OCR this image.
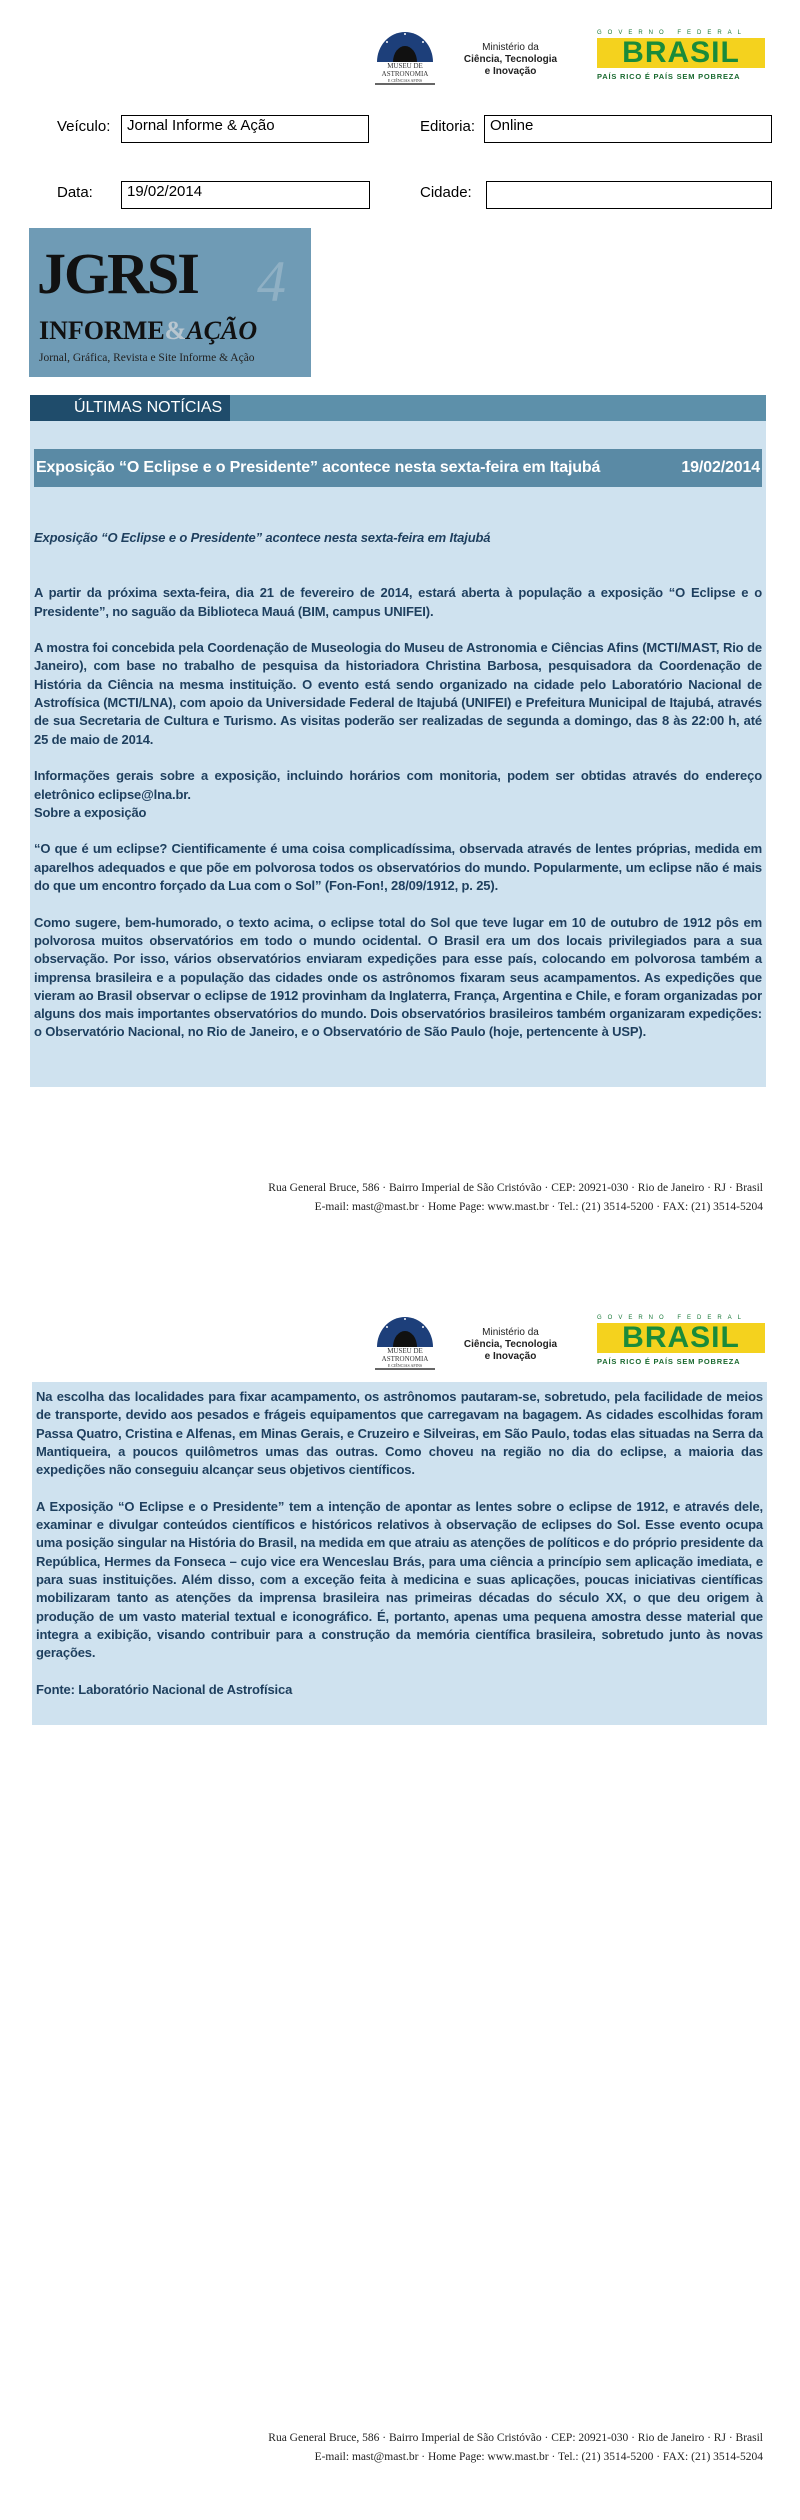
MUSEU DE
ASTRONOMIA
E CIÊNCIAS AFINS
Ministério da
Ciência, Tecnologia
e Inovação
GOVERNO FEDERAL
BRASIL
PAÍS RICO É PAÍS SEM POBREZA
Veículo:	Jornal Informe & Ação	Editoria: Online
Data:	19/02/2014	Cidade:
JGRSI 4
INFORME&AÇÃO
Jornal, Gráfica, Revista e Site Informe & Ação
ÚLTIMAS NOTÍCIAS
Exposição “O Eclipse e o Presidente” acontece nesta sexta-feira em Itajubá	19/02/2014
Exposição “O Eclipse e o Presidente” acontece nesta sexta-feira em Itajubá

A partir da próxima sexta-feira, dia 21 de fevereiro de 2014, estará aberta à população a exposição “O Eclipse e o Presidente”, no saguão da Biblioteca Mauá (BIM, campus UNIFEI).

A mostra foi concebida pela Coordenação de Museologia do Museu de Astronomia e Ciências Afins (MCTI/MAST, Rio de Janeiro), com base no trabalho de pesquisa da historiadora Christina Barbosa, pesquisadora da Coordenação de História da Ciência na mesma instituição. O evento está sendo organizado na cidade pelo Laboratório Nacional de Astrofísica (MCTI/LNA), com apoio da Universidade Federal de Itajubá (UNIFEI) e Prefeitura Municipal de Itajubá, através de sua Secretaria de Cultura e Turismo. As visitas poderão ser realizadas de segunda a domingo, das 8 às 22:00 h, até 25 de maio de 2014.

Informações gerais sobre a exposição, incluindo horários com monitoria, podem ser obtidas através do endereço eletrônico eclipse@lna.br.

Sobre a exposição

“O que é um eclipse? Cientificamente é uma coisa complicadíssima, observada através de lentes próprias, medida em aparelhos adequados e que põe em polvorosa todos os observatórios do mundo. Popularmente, um eclipse não é mais do que um encontro forçado da Lua com o Sol” (Fon-Fon!, 28/09/1912, p. 25).

Como sugere, bem-humorado, o texto acima, o eclipse total do Sol que teve lugar em 10 de outubro de 1912 pôs em polvorosa muitos observatórios em todo o mundo ocidental. O Brasil era um dos locais privilegiados para a sua observação. Por isso, vários observatórios enviaram expedições para esse país, colocando em polvorosa também a imprensa brasileira e a população das cidades onde os astrônomos fixaram seus acampamentos. As expedições que vieram ao Brasil observar o eclipse de 1912 provinham da Inglaterra, França, Argentina e Chile, e foram organizadas por alguns dos mais importantes observatórios do mundo. Dois observatórios brasileiros também organizaram expedições: o Observatório Nacional, no Rio de Janeiro, e o Observatório de São Paulo (hoje, pertencente à USP).

Rua General Bruce, 586 · Bairro Imperial de São Cristóvão · CEP: 20921-030 · Rio de Janeiro · RJ · Brasil
E-mail: mast@mast.br · Home Page: www.mast.br · Tel.: (21) 3514-5200 · FAX: (21) 3514-5204
MUSEU DE
ASTRONOMIA
E CIÊNCIAS AFINS
Ministério da
Ciência, Tecnologia
e Inovação
GOVERNO FEDERAL
BRASIL
PAÍS RICO É PAÍS SEM POBREZA

Na escolha das localidades para fixar acampamento, os astrônomos pautaram-se, sobretudo, pela facilidade de meios de transporte, devido aos pesados e frágeis equipamentos que carregavam na bagagem. As cidades escolhidas foram Passa Quatro, Cristina e Alfenas, em Minas Gerais, e Cruzeiro e Silveiras, em São Paulo, todas elas situadas na Serra da Mantiqueira, a poucos quilômetros umas das outras. Como choveu na região no dia do eclipse, a maioria das expedições não conseguiu alcançar seus objetivos científicos.

A Exposição “O Eclipse e o Presidente” tem a intenção de apontar as lentes sobre o eclipse de 1912, e através dele, examinar e divulgar conteúdos científicos e históricos relativos à observação de eclipses do Sol. Esse evento ocupa uma posição singular na História do Brasil, na medida em que atraiu as atenções de políticos e do próprio presidente da República, Hermes da Fonseca – cujo vice era Wenceslau Brás, para uma ciência a princípio sem aplicação imediata, e para suas instituições. Além disso, com a exceção feita à medicina e suas aplicações, poucas iniciativas científicas mobilizaram tanto as atenções da imprensa brasileira nas primeiras décadas do século XX, o que deu origem à produção de um vasto material textual e iconográfico. É, portanto, apenas uma pequena amostra desse material que integra a exibição, visando contribuir para a construção da memória científica brasileira, sobretudo junto às novas gerações.

Fonte: Laboratório Nacional de Astrofísica

Rua General Bruce, 586 · Bairro Imperial de São Cristóvão · CEP: 20921-030 · Rio de Janeiro · RJ · Brasil
E-mail: mast@mast.br · Home Page: www.mast.br · Tel.: (21) 3514-5200 · FAX: (21) 3514-5204
